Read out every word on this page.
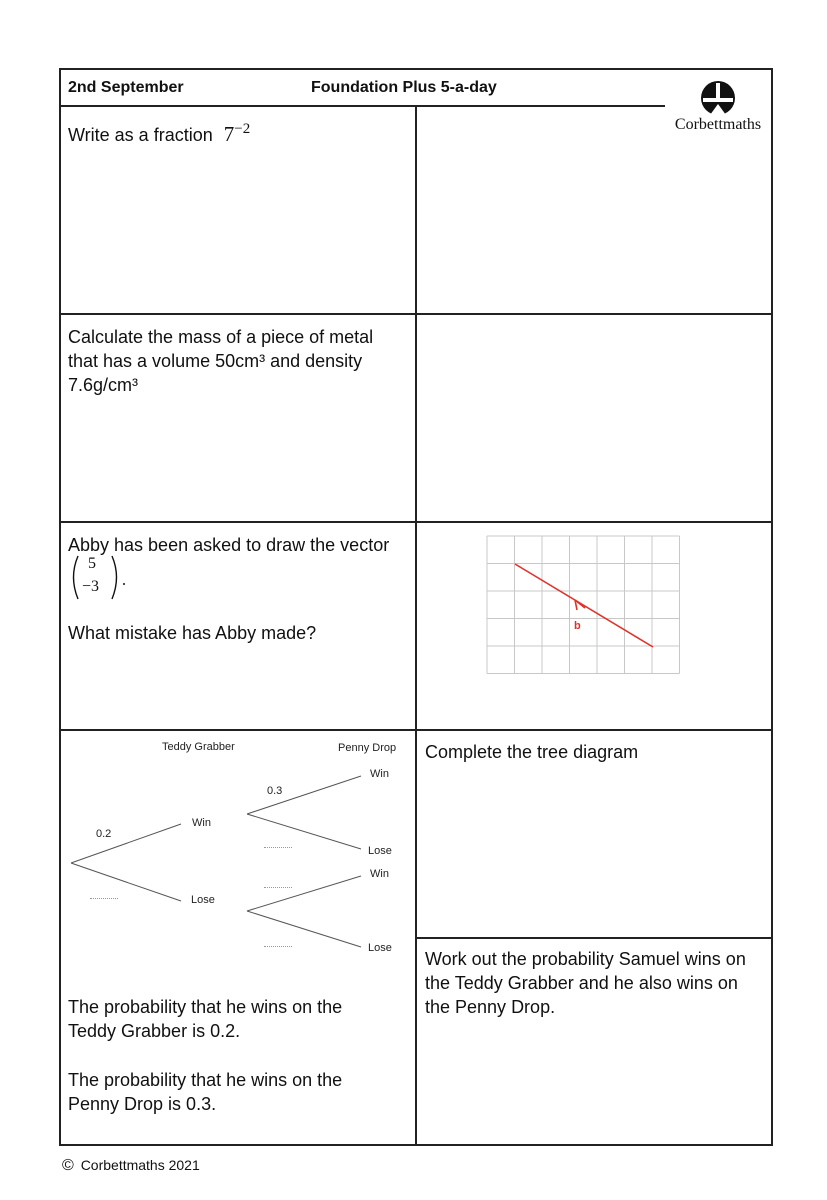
2nd September	Foundation Plus 5-a-day
Corbettmaths
Write as a fraction $7^{-2}$
Calculate the mass of a piece of metal that has a volume 50cm³ and density 7.6g/cm³
Abby has been asked to draw the vector
5
−3
What mistake has Abby made?	b
Teddy Grabber	Penny Drop
0.2
Win
Lose
0.3
Win
Lose
Win
Lose
The probability that he wins on the Teddy Grabber is 0.2.
The probability that he wins on the Penny Drop is 0.3.
Complete the tree diagram
Work out the probability Samuel wins on the Teddy Grabber and he also wins on the Penny Drop.
© Corbettmaths 2021
